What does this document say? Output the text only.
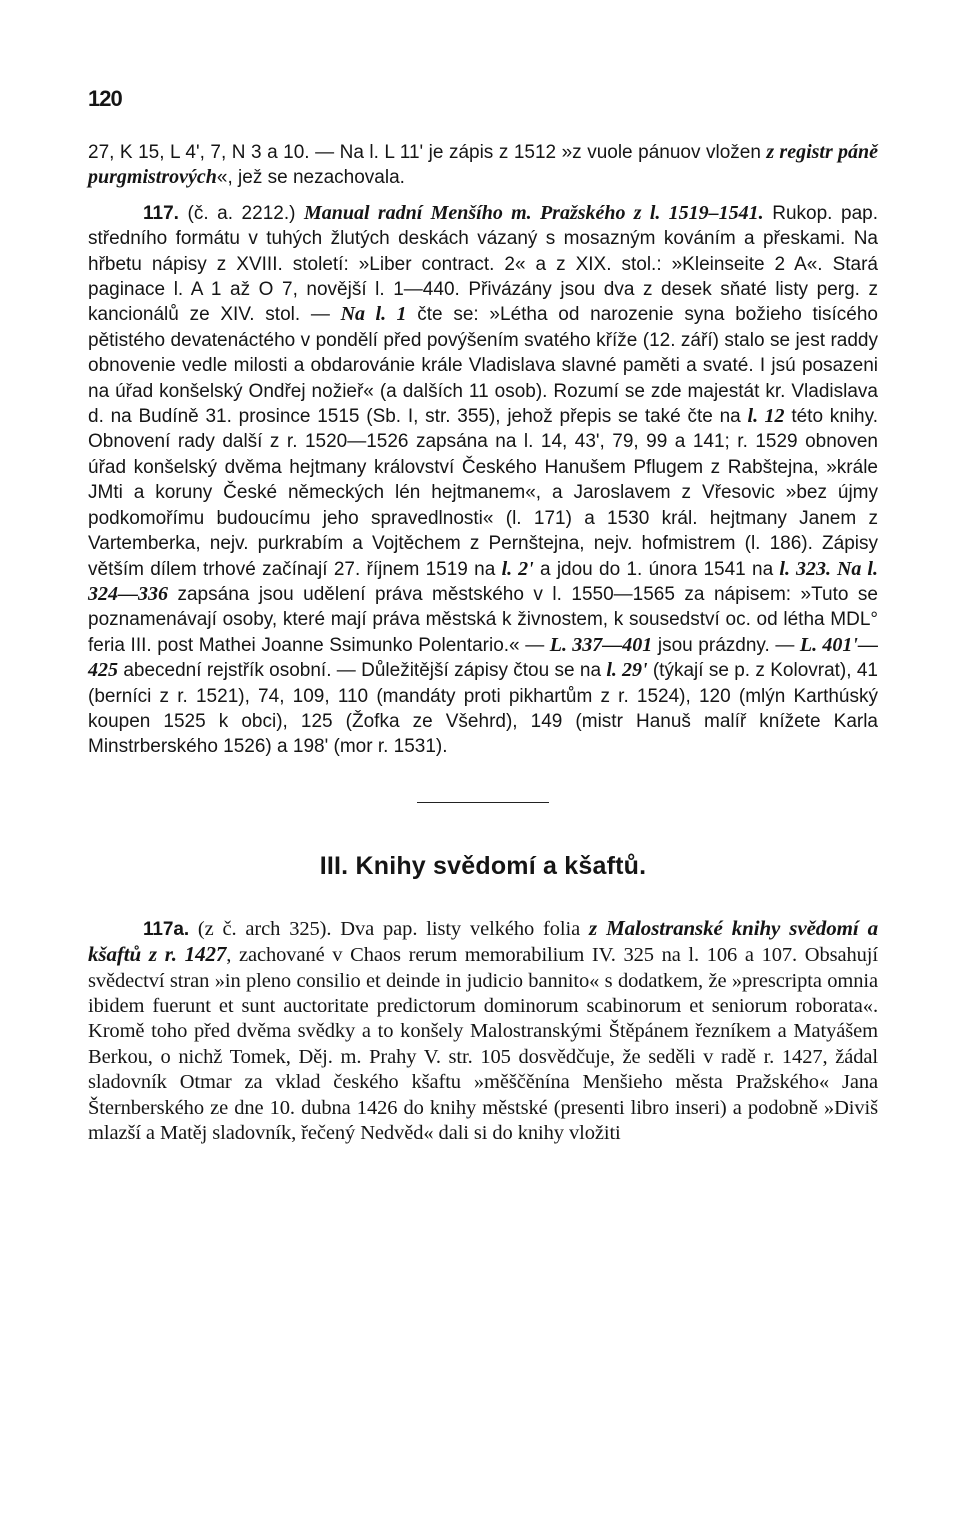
120

27, K 15, L 4', 7, N 3 a 10. — Na l. L 11' je zápis z 1512 »z vuole pánuov vložen z registr páně purgmistrových«, jež se nezachovala.

117. (č. a. 2212.) Manual radní Menšího m. Pražského z l. 1519–1541. Rukop. pap. středního formátu v tuhých žlutých deskách vázaný s mosazným kováním a přeskami. Na hřbetu nápisy z XVIII. století: »Liber contract. 2« a z XIX. stol.: »Kleinseite 2 A«. Stará paginace l. A 1 až O 7, novější l. 1—440. Přivázány jsou dva z desek sňaté listy perg. z kancionálů ze XIV. stol. — Na l. 1 čte se: »Létha od narozenie syna božieho tisícého pětistého devatenáctého v pondělí před povýšením svatého kříže (12. září) stalo se jest raddy obnovenie vedle milosti a obdarovánie krále Vladislava slavné paměti a svaté. I jsú posazeni na úřad konšelský Ondřej nožieř« (a dalších 11 osob). Rozumí se zde majestát kr. Vladislava d. na Budíně 31. prosince 1515 (Sb. I, str. 355), jehož přepis se také čte na l. 12 této knihy. Obnovení rady další z r. 1520—1526 zapsána na l. 14, 43', 79, 99 a 141; r. 1529 obnoven úřad konšelský dvěma hejtmany království Českého Hanušem Pflugem z Rabštejna, »krále JMti a koruny České německých lén hejtmanem«, a Jaroslavem z Vřesovic »bez újmy podkomořímu budoucímu jeho spravedlnosti« (l. 171) a 1530 král. hejtmany Janem z Vartemberka, nejv. purkrabím a Vojtěchem z Pernštejna, nejv. hofmistrem (l. 186). Zápisy větším dílem trhové začínají 27. říjnem 1519 na l. 2' a jdou do 1. února 1541 na l. 323. Na l. 324—336 zapsána jsou udělení práva městského v l. 1550—1565 za nápisem: »Tuto se poznamenávají osoby, které mají práva městská k živnostem, k sousedství oc. od létha MDL° feria III. post Mathei Joanne Ssimunko Polentario.« — L. 337—401 jsou prázdny. — L. 401'—425 abecední rejstřík osobní. — Důležitější zápisy čtou se na l. 29' (týkají se p. z Kolovrat), 41 (berníci z r. 1521), 74, 109, 110 (mandáty proti pikhartům z r. 1524), 120 (mlýn Karthúský koupen 1525 k obci), 125 (Žofka ze Všehrd), 149 (mistr Hanuš malíř knížete Karla Minstrberského 1526) a 198' (mor r. 1531).

III. Knihy svědomí a kšaftů.

117a. (z č. arch 325). Dva pap. listy velkého folia z Malostranské knihy svědomí a kšaftů z r. 1427, zachované v Chaos rerum memorabilium IV. 325 na l. 106 a 107. Obsahují svědectví stran »in pleno consilio et deinde in judicio bannito« s dodatkem, že »prescripta omnia ibidem fuerunt et sunt auctoritate predictorum dominorum scabinorum et seniorum roborata«. Kromě toho před dvěma svědky a to konšely Malostranskými Štěpánem řezníkem a Matyášem Berkou, o nichž Tomek, Děj. m. Prahy V. str. 105 dosvědčuje, že seděli v radě r. 1427, žádal sladovník Otmar za vklad českého kšaftu »měščěnína Menšieho města Pražského« Jana Šternberského ze dne 10. dubna 1426 do knihy městské (presenti libro inseri) a podobně »Diviš mlazší a Matěj sladovník, řečený Nedvěd« dali si do knihy vložiti
